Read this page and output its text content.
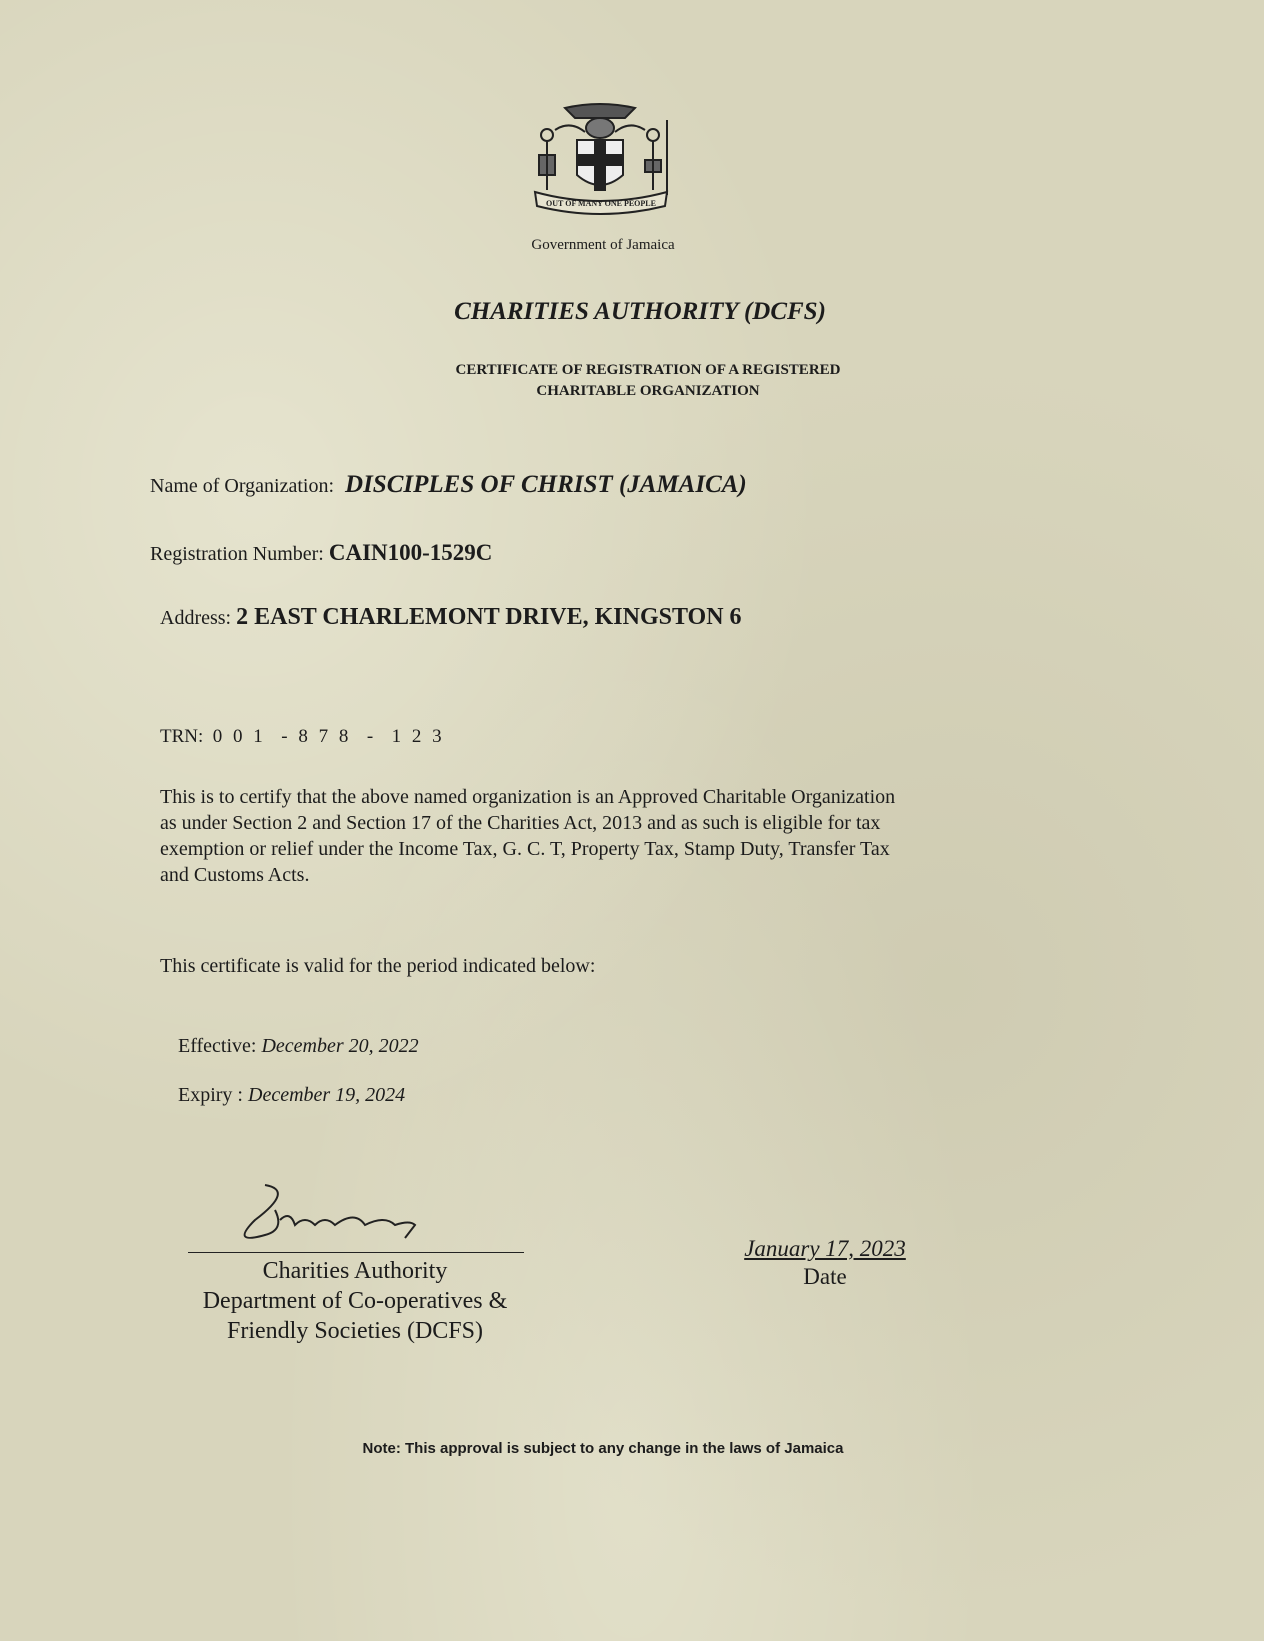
OUT OF MANY ONE PEOPLE
Government of Jamaica
CHARITIES AUTHORITY (DCFS)
CERTIFICATE OF REGISTRATION OF A REGISTERED
CHARITABLE ORGANIZATION
Name of Organization: DISCIPLES OF CHRIST (JAMAICA)
Registration Number: CAIN100-1529C
Address: 2 EAST CHARLEMONT DRIVE, KINGSTON 6

TRN: 0 0 1  - 8 7 8  -  1 2 3
This is to certify that the above named organization is an Approved Charitable Organization
as under Section 2 and Section 17 of the Charities Act, 2013 and as such is eligible for tax
exemption or relief under the Income Tax, G. C. T, Property Tax, Stamp Duty, Transfer Tax
and Customs Acts.
This certificate is valid for the period indicated below:
Effective: December 20, 2022
Expiry : December 19, 2024
Charities Authority
Department of Co-operatives &
Friendly Societies (DCFS)
January 17, 2023
Date
Note: This approval is subject to any change in the laws of Jamaica
